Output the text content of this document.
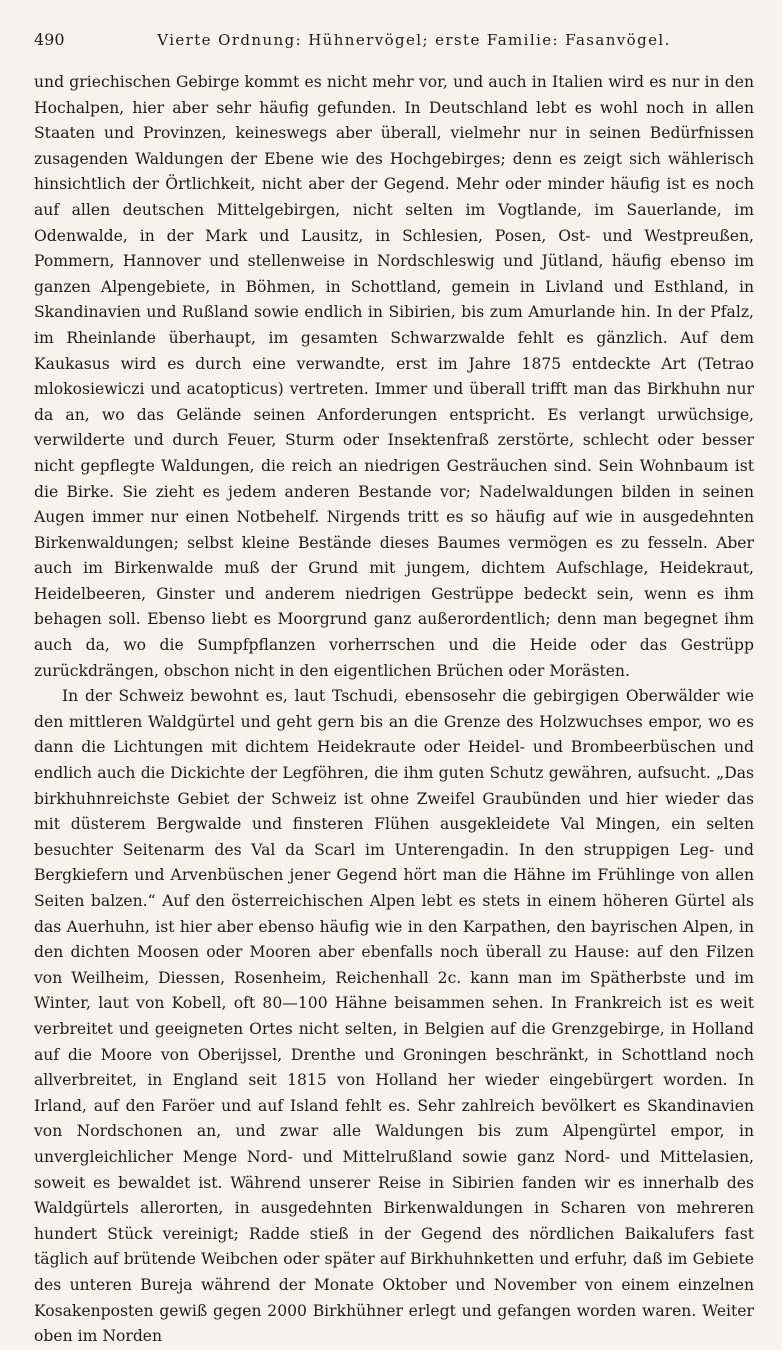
490	Vierte Ordnung: Hühnervögel; erste Familie: Fasanvögel.

und griechischen Gebirge kommt es nicht mehr vor, und auch in Italien wird es nur in den Hochalpen, hier aber sehr häufig gefunden. In Deutschland lebt es wohl noch in allen Staaten und Provinzen, keineswegs aber überall, vielmehr nur in seinen Bedürfnissen zusagenden Waldungen der Ebene wie des Hochgebirges; denn es zeigt sich wählerisch hinsichtlich der Örtlichkeit, nicht aber der Gegend. Mehr oder minder häufig ist es noch auf allen deutschen Mittelgebirgen, nicht selten im Vogtlande, im Sauerlande, im Odenwalde, in der Mark und Lausitz, in Schlesien, Posen, Ost- und Westpreußen, Pommern, Hannover und stellenweise in Nordschleswig und Jütland, häufig ebenso im ganzen Alpengebiete, in Böhmen, in Schottland, gemein in Livland und Esthland, in Skandinavien und Rußland sowie endlich in Sibirien, bis zum Amurlande hin. In der Pfalz, im Rheinlande überhaupt, im gesamten Schwarzwalde fehlt es gänzlich. Auf dem Kaukasus wird es durch eine verwandte, erst im Jahre 1875 entdeckte Art (Tetrao mlokosiewiczi und acatopticus) vertreten. Immer und überall trifft man das Birkhuhn nur da an, wo das Gelände seinen Anforderungen entspricht. Es verlangt urwüchsige, verwilderte und durch Feuer, Sturm oder Insektenfraß zerstörte, schlecht oder besser nicht gepflegte Waldungen, die reich an niedrigen Gesträuchen sind. Sein Wohnbaum ist die Birke. Sie zieht es jedem anderen Bestande vor; Nadelwaldungen bilden in seinen Augen immer nur einen Notbehelf. Nirgends tritt es so häufig auf wie in ausgedehnten Birkenwaldungen; selbst kleine Bestände dieses Baumes vermögen es zu fesseln. Aber auch im Birkenwalde muß der Grund mit jungem, dichtem Aufschlage, Heidekraut, Heidelbeeren, Ginster und anderem niedrigen Gestrüppe bedeckt sein, wenn es ihm behagen soll. Ebenso liebt es Moorgrund ganz außerordentlich; denn man begegnet ihm auch da, wo die Sumpfpflanzen vorherrschen und die Heide oder das Gestrüpp zurückdrängen, obschon nicht in den eigentlichen Brüchen oder Morästen.

In der Schweiz bewohnt es, laut Tschudi, ebensosehr die gebirgigen Oberwälder wie den mittleren Waldgürtel und geht gern bis an die Grenze des Holzwuchses empor, wo es dann die Lichtungen mit dichtem Heidekraute oder Heidel- und Brombeerbüschen und endlich auch die Dickichte der Legföhren, die ihm guten Schutz gewähren, aufsucht. „Das birkhuhnreichste Gebiet der Schweiz ist ohne Zweifel Graubünden und hier wieder das mit düsterem Bergwalde und finsteren Flühen ausgekleidete Val Mingen, ein selten besuchter Seitenarm des Val da Scarl im Unterengadin. In den struppigen Leg- und Bergkiefern und Arvenbüschen jener Gegend hört man die Hähne im Frühlinge von allen Seiten balzen.“ Auf den österreichischen Alpen lebt es stets in einem höheren Gürtel als das Auerhuhn, ist hier aber ebenso häufig wie in den Karpathen, den bayrischen Alpen, in den dichten Moosen oder Mooren aber ebenfalls noch überall zu Hause: auf den Filzen von Weilheim, Diessen, Rosenheim, Reichenhall 2c. kann man im Spätherbste und im Winter, laut von Kobell, oft 80—100 Hähne beisammen sehen. In Frankreich ist es weit verbreitet und geeigneten Ortes nicht selten, in Belgien auf die Grenzgebirge, in Holland auf die Moore von Oberijssel, Drenthe und Groningen beschränkt, in Schottland noch allverbreitet, in England seit 1815 von Holland her wieder eingebürgert worden. In Irland, auf den Faröer und auf Island fehlt es. Sehr zahlreich bevölkert es Skandinavien von Nordschonen an, und zwar alle Waldungen bis zum Alpengürtel empor, in unvergleichlicher Menge Nord- und Mittelrußland sowie ganz Nord- und Mittelasien, soweit es bewaldet ist. Während unserer Reise in Sibirien fanden wir es innerhalb des Waldgürtels allerorten, in ausgedehnten Birkenwaldungen in Scharen von mehreren hundert Stück vereinigt; Radde stieß in der Gegend des nördlichen Baikalufers fast täglich auf brütende Weibchen oder später auf Birkhuhnketten und erfuhr, daß im Gebiete des unteren Bureja während der Monate Oktober und November von einem einzelnen Kosakenposten gewiß gegen 2000 Birkhühner erlegt und gefangen worden waren. Weiter oben im Norden
